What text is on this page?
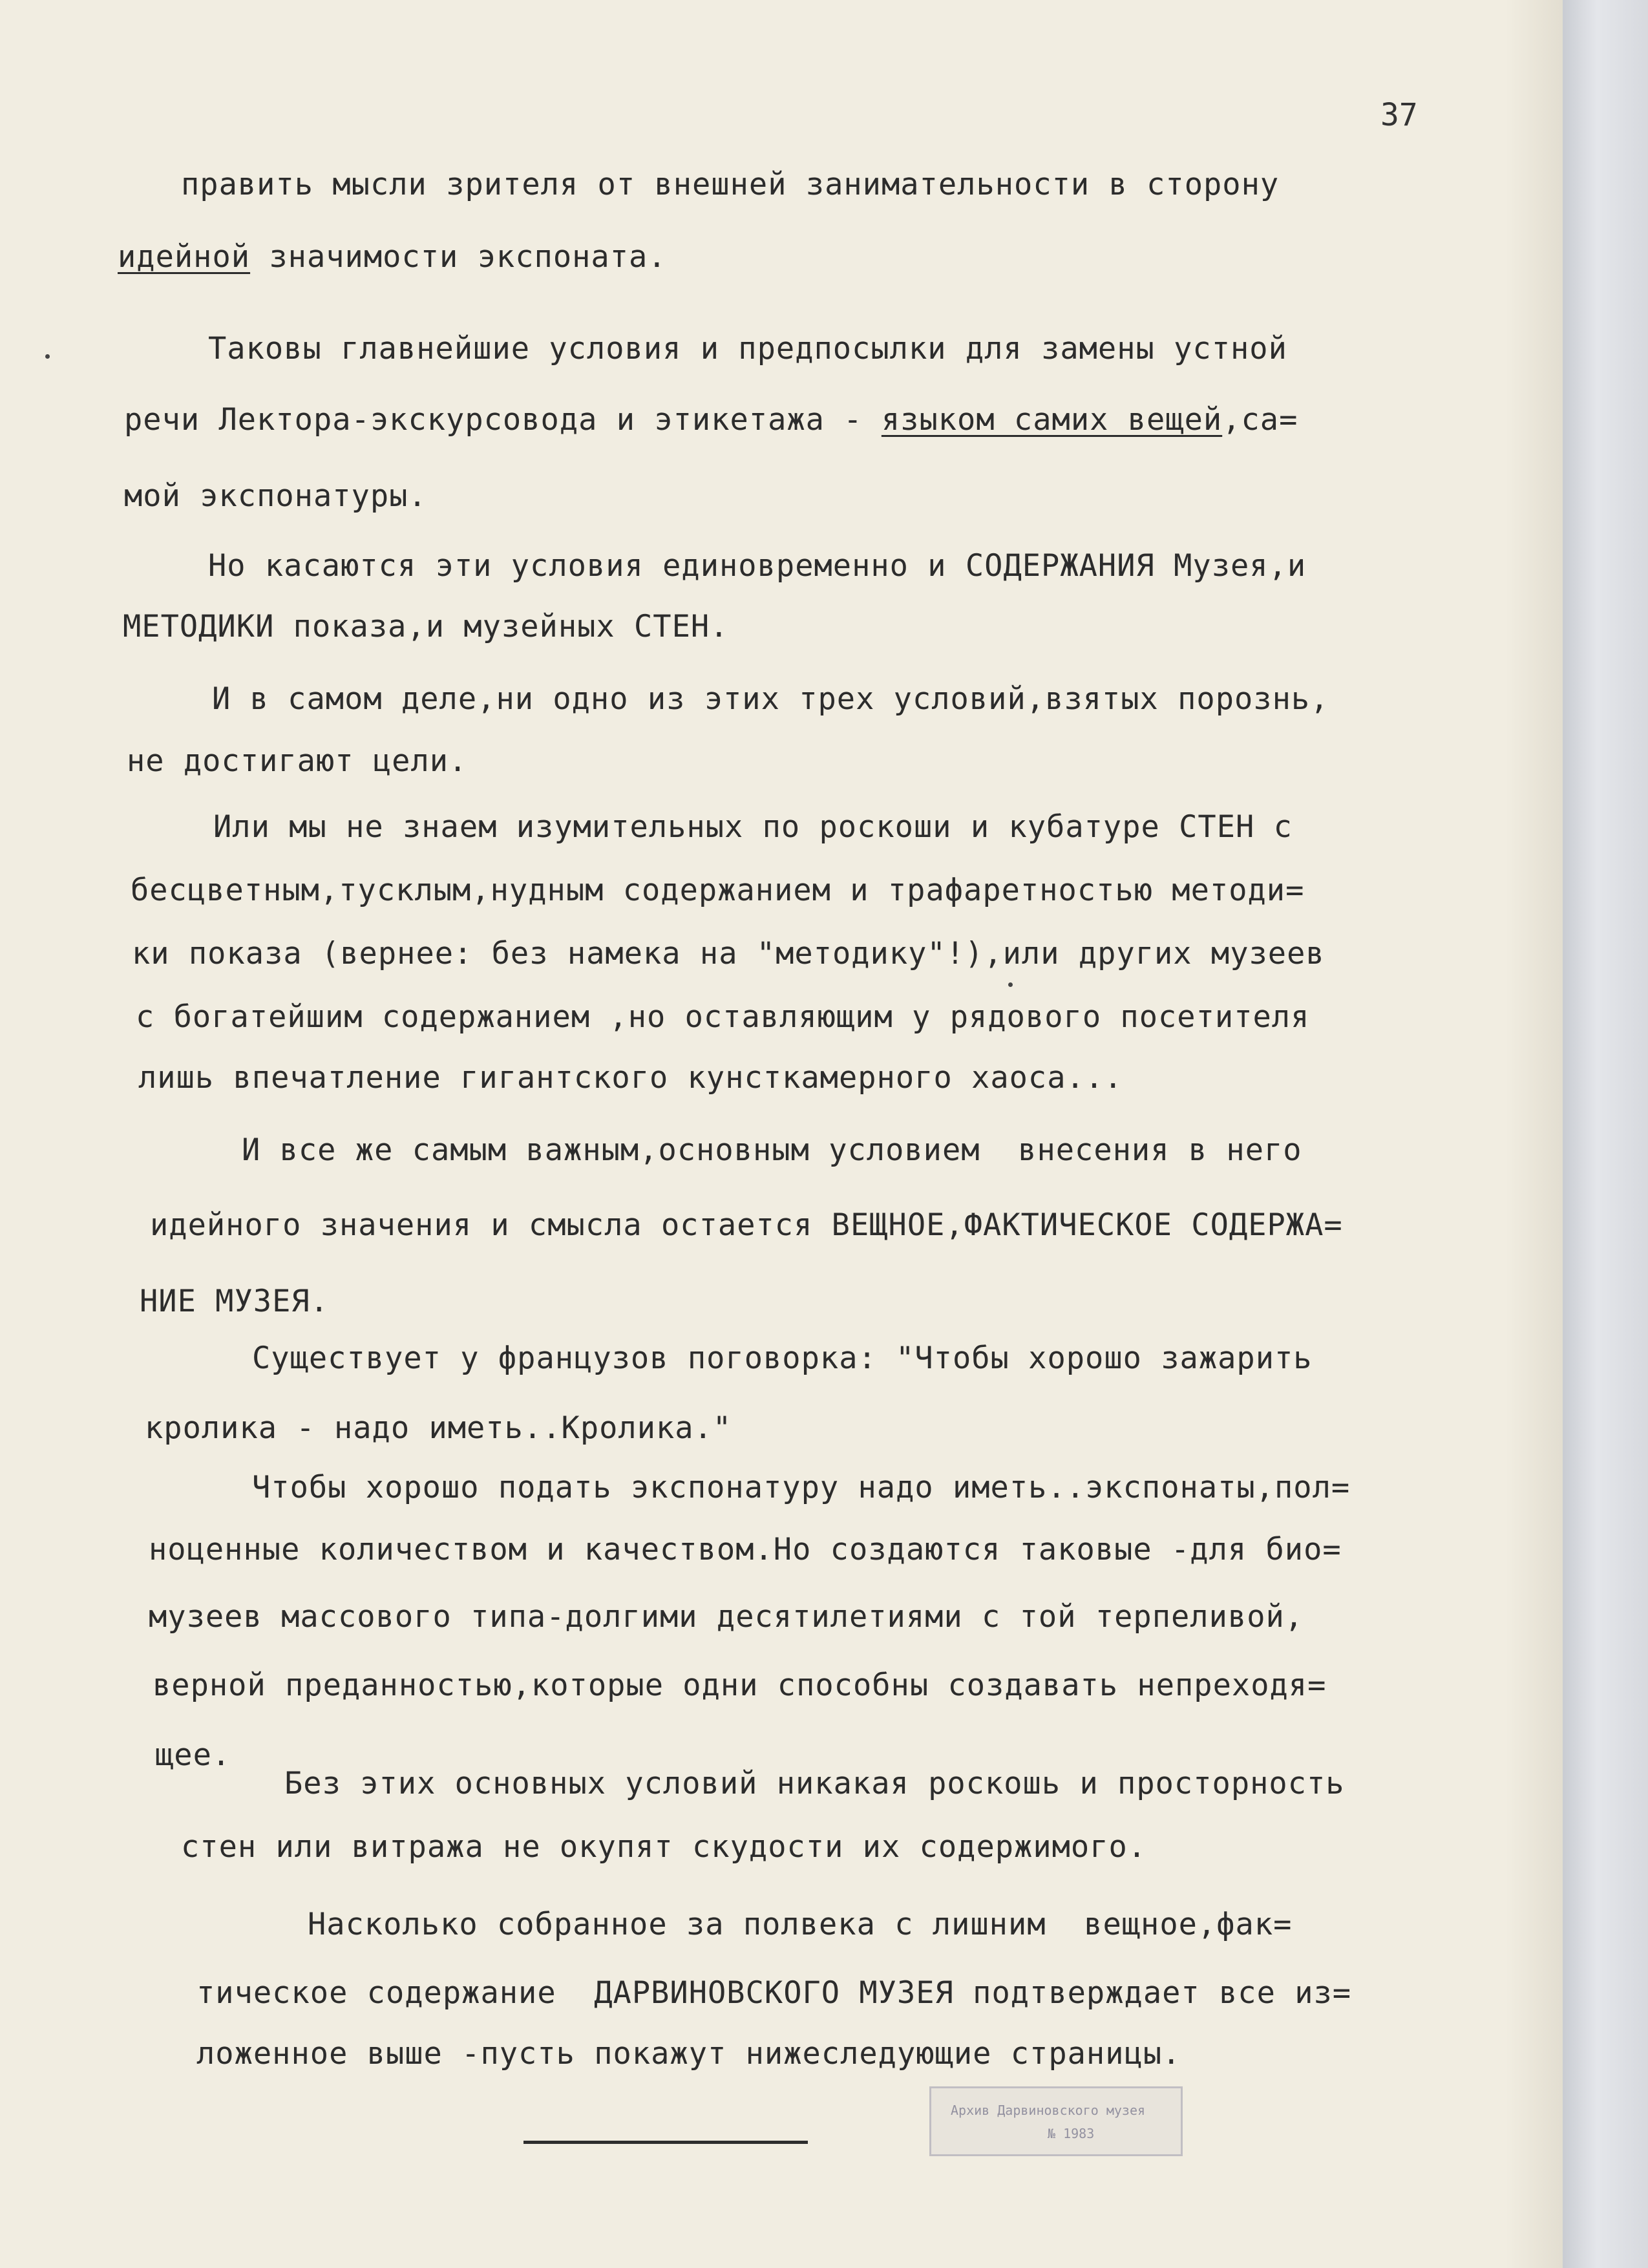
37
править мысли зрителя от внешней занимательности в сторону
идейной значимости экспоната.
Таковы главнейшие условия и предпосылки для замены устной
речи Лектора-экскурсовода и этикетажа - языком самих вещей,са=
мой экспонатуры.
Но касаются эти условия единовременно и СОДЕРЖАНИЯ Музея,и
МЕТОДИКИ показа,и музейных СТЕН.
И в самом деле,ни одно из этих трех условий,взятых порознь,
не достигают цели.
Или мы не знаем изумительных по роскоши и кубатуре СТЕН с
бесцветным,тусклым,нудным содержанием и трафаретностью методи=
ки показа (вернее: без намека на "методику"!),или других музеев
с богатейшим содержанием ,но оставляющим у рядового посетителя
лишь впечатление гигантского кунсткамерного хаоса...
И все же самым важным,основным условием  внесения в него
идейного значения и смысла остается ВЕЩНОЕ,ФАКТИЧЕСКОЕ СОДЕРЖА=
НИЕ МУЗЕЯ.
Существует у французов поговорка: "Чтобы хорошо зажарить
кролика - надо иметь..Кролика."
Чтобы хорошо подать экспонатуру надо иметь..экспонаты,пол=
ноценные количеством и качеством.Но создаются таковые -для био=
музеев массового типа-долгими десятилетиями с той терпеливой,
верной преданностью,которые одни способны создавать непреходя=
щее.
Без этих основных условий никакая роскошь и просторность
стен или витража не окупят скудости их содержимого.
Насколько собранное за полвека с лишним  вещное,фак=
тическое содержание  ДАРВИНОВСКОГО МУЗЕЯ подтверждает все из=
ложенное выше -пусть покажут нижеследующие страницы.
Архив Дарвиновского музея
№ 1983
